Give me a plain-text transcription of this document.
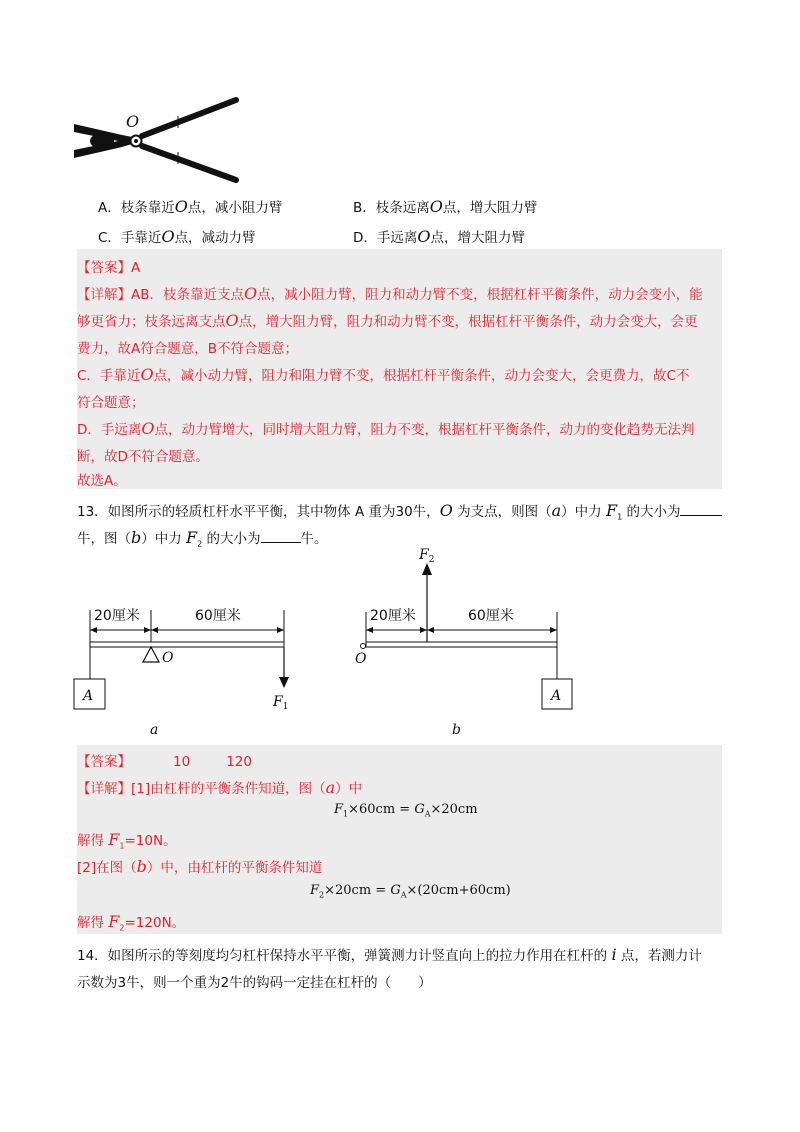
O
A．枝条靠近O点，减小阻力臂	B．枝条远离O点，增大阻力臂
C．手靠近O点，减动力臂	D．手远离O点，增大阻力臂
【答案】A
【详解】AB．枝条靠近支点O点，减小阻力臂，阻力和动力臂不变，根据杠杆平衡条件，动力会变小，能
够更省力；枝条远离支点O点，增大阻力臂，阻力和动力臂不变，根据杠杆平衡条件，动力会变大，会更
费力，故A符合题意，B不符合题意；
C．手靠近O点，减小动力臂，阻力和阻力臂不变，根据杠杆平衡条件，动力会变大，会更费力，故C不
符合题意；
D．手远离O点，动力臂增大，同时增大阻力臂，阻力不变，根据杠杆平衡条件，动力的变化趋势无法判
断，故D不符合题意。
故选A。
13．如图所示的轻质杠杆水平平衡，其中物体 A 重为30牛，O 为支点，则图（a）中力 $F_1$ 的大小为
牛，图（b）中力 $F_2$ 的大小为	牛。
20厘米	60厘米
O
A	$F_1$
a
$F_2$
20厘米	60厘米
O
A
b
【答案】	10	120
【详解】[1]由杠杆的平衡条件知道，图（a）中
$F_1\times 60cm = G_A\times 20cm$
解得 $F_1=10N$。
[2]在图（b）中，由杠杆的平衡条件知道
$F_2\times 20cm = G_A\times(20cm+60cm)$
解得 $F_2=120N$。
14．如图所示的等刻度均匀杠杆保持水平平衡，弹簧测力计竖直向上的拉力作用在杠杆的 i 点，若测力计
示数为3牛，则一个重为2牛的钩码一定挂在杠杆的（　　）
